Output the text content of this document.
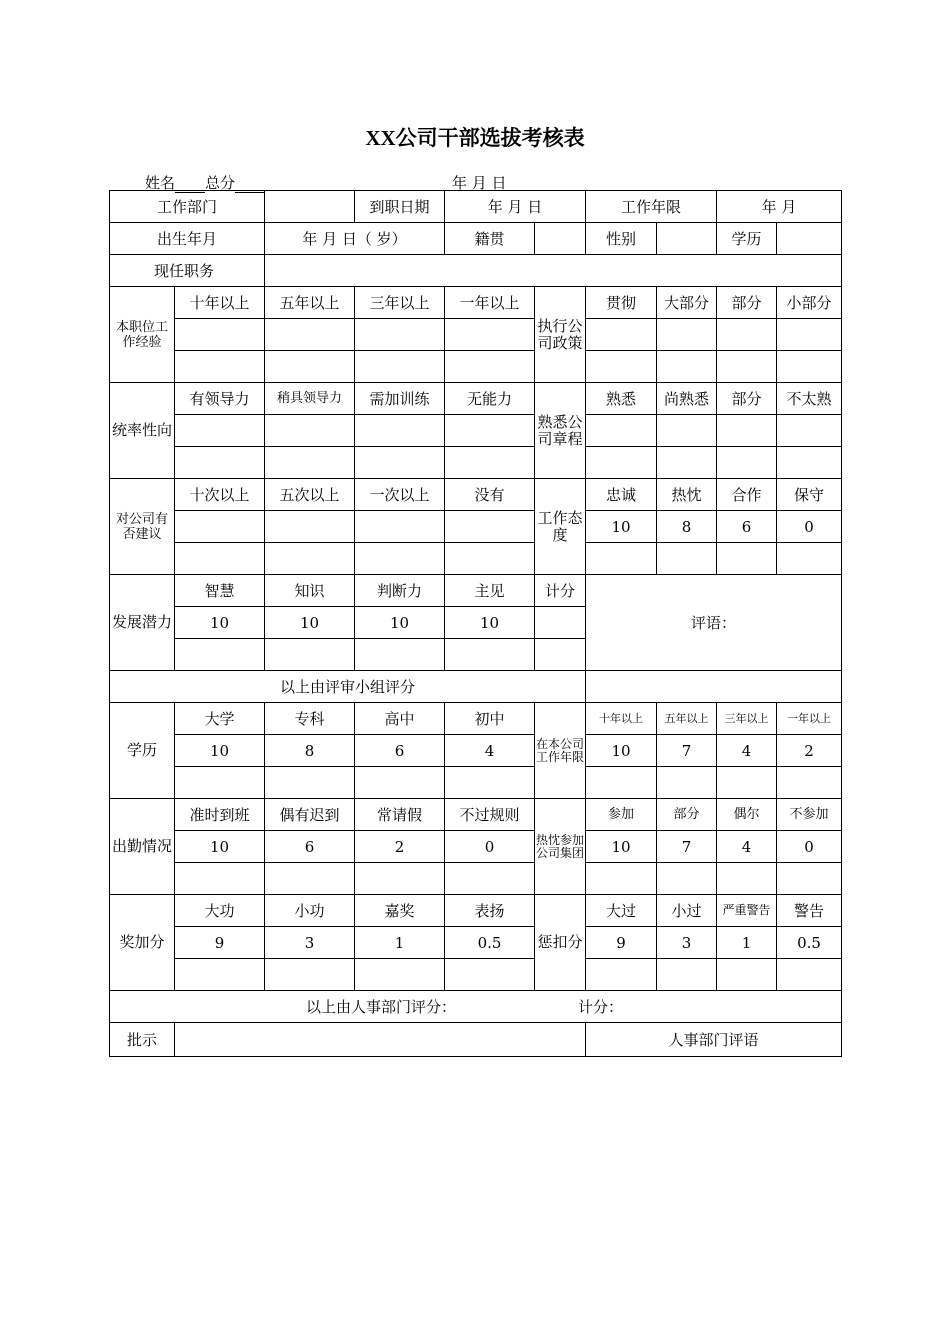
XX公司干部选拔考核表
姓名 总分	年 月 日
工作部门			到职日期	年 月 日		工作年限		年 月	
出生年月		年 月 日（ 岁）		籍贯		性别		学历	
现任职务									
本职位工作经验	十年以上	五年以上	三年以上	一年以上	执行公司政策	贯彻	大部分	部分	小部分

统率性向	有领导力	稍具领导力	需加训练	无能力	熟悉公司章程	熟悉	尚熟悉	部分	不太熟

对公司有否建议	十次以上	五次以上	一次以上	没有	工作态度	忠诚	热忱	合作	保守
						10	8	6	0

发展潜力	智慧	知识	判断力	主见	计分	评语：			
	10	10	10	10					

以上由评审小组评分									
学历	大学	专科	高中	初中	在本公司工作年限	十年以上	五年以上	三年以上	一年以上
	10	8	6	4		10	7	4	2

出勤情况	准时到班	偶有迟到	常请假	不过规则	热忱参加公司集团	参加	部分	偶尔	不参加
	10	6	2	0		10	7	4	0

奖加分	大功	小功	嘉奖	表扬	惩扣分	大过	小过	严重警告	警告
	9	3	1	0.5		9	3	1	0.5

以上由人事部门评分： 计分：									
批示						人事部门评语			
